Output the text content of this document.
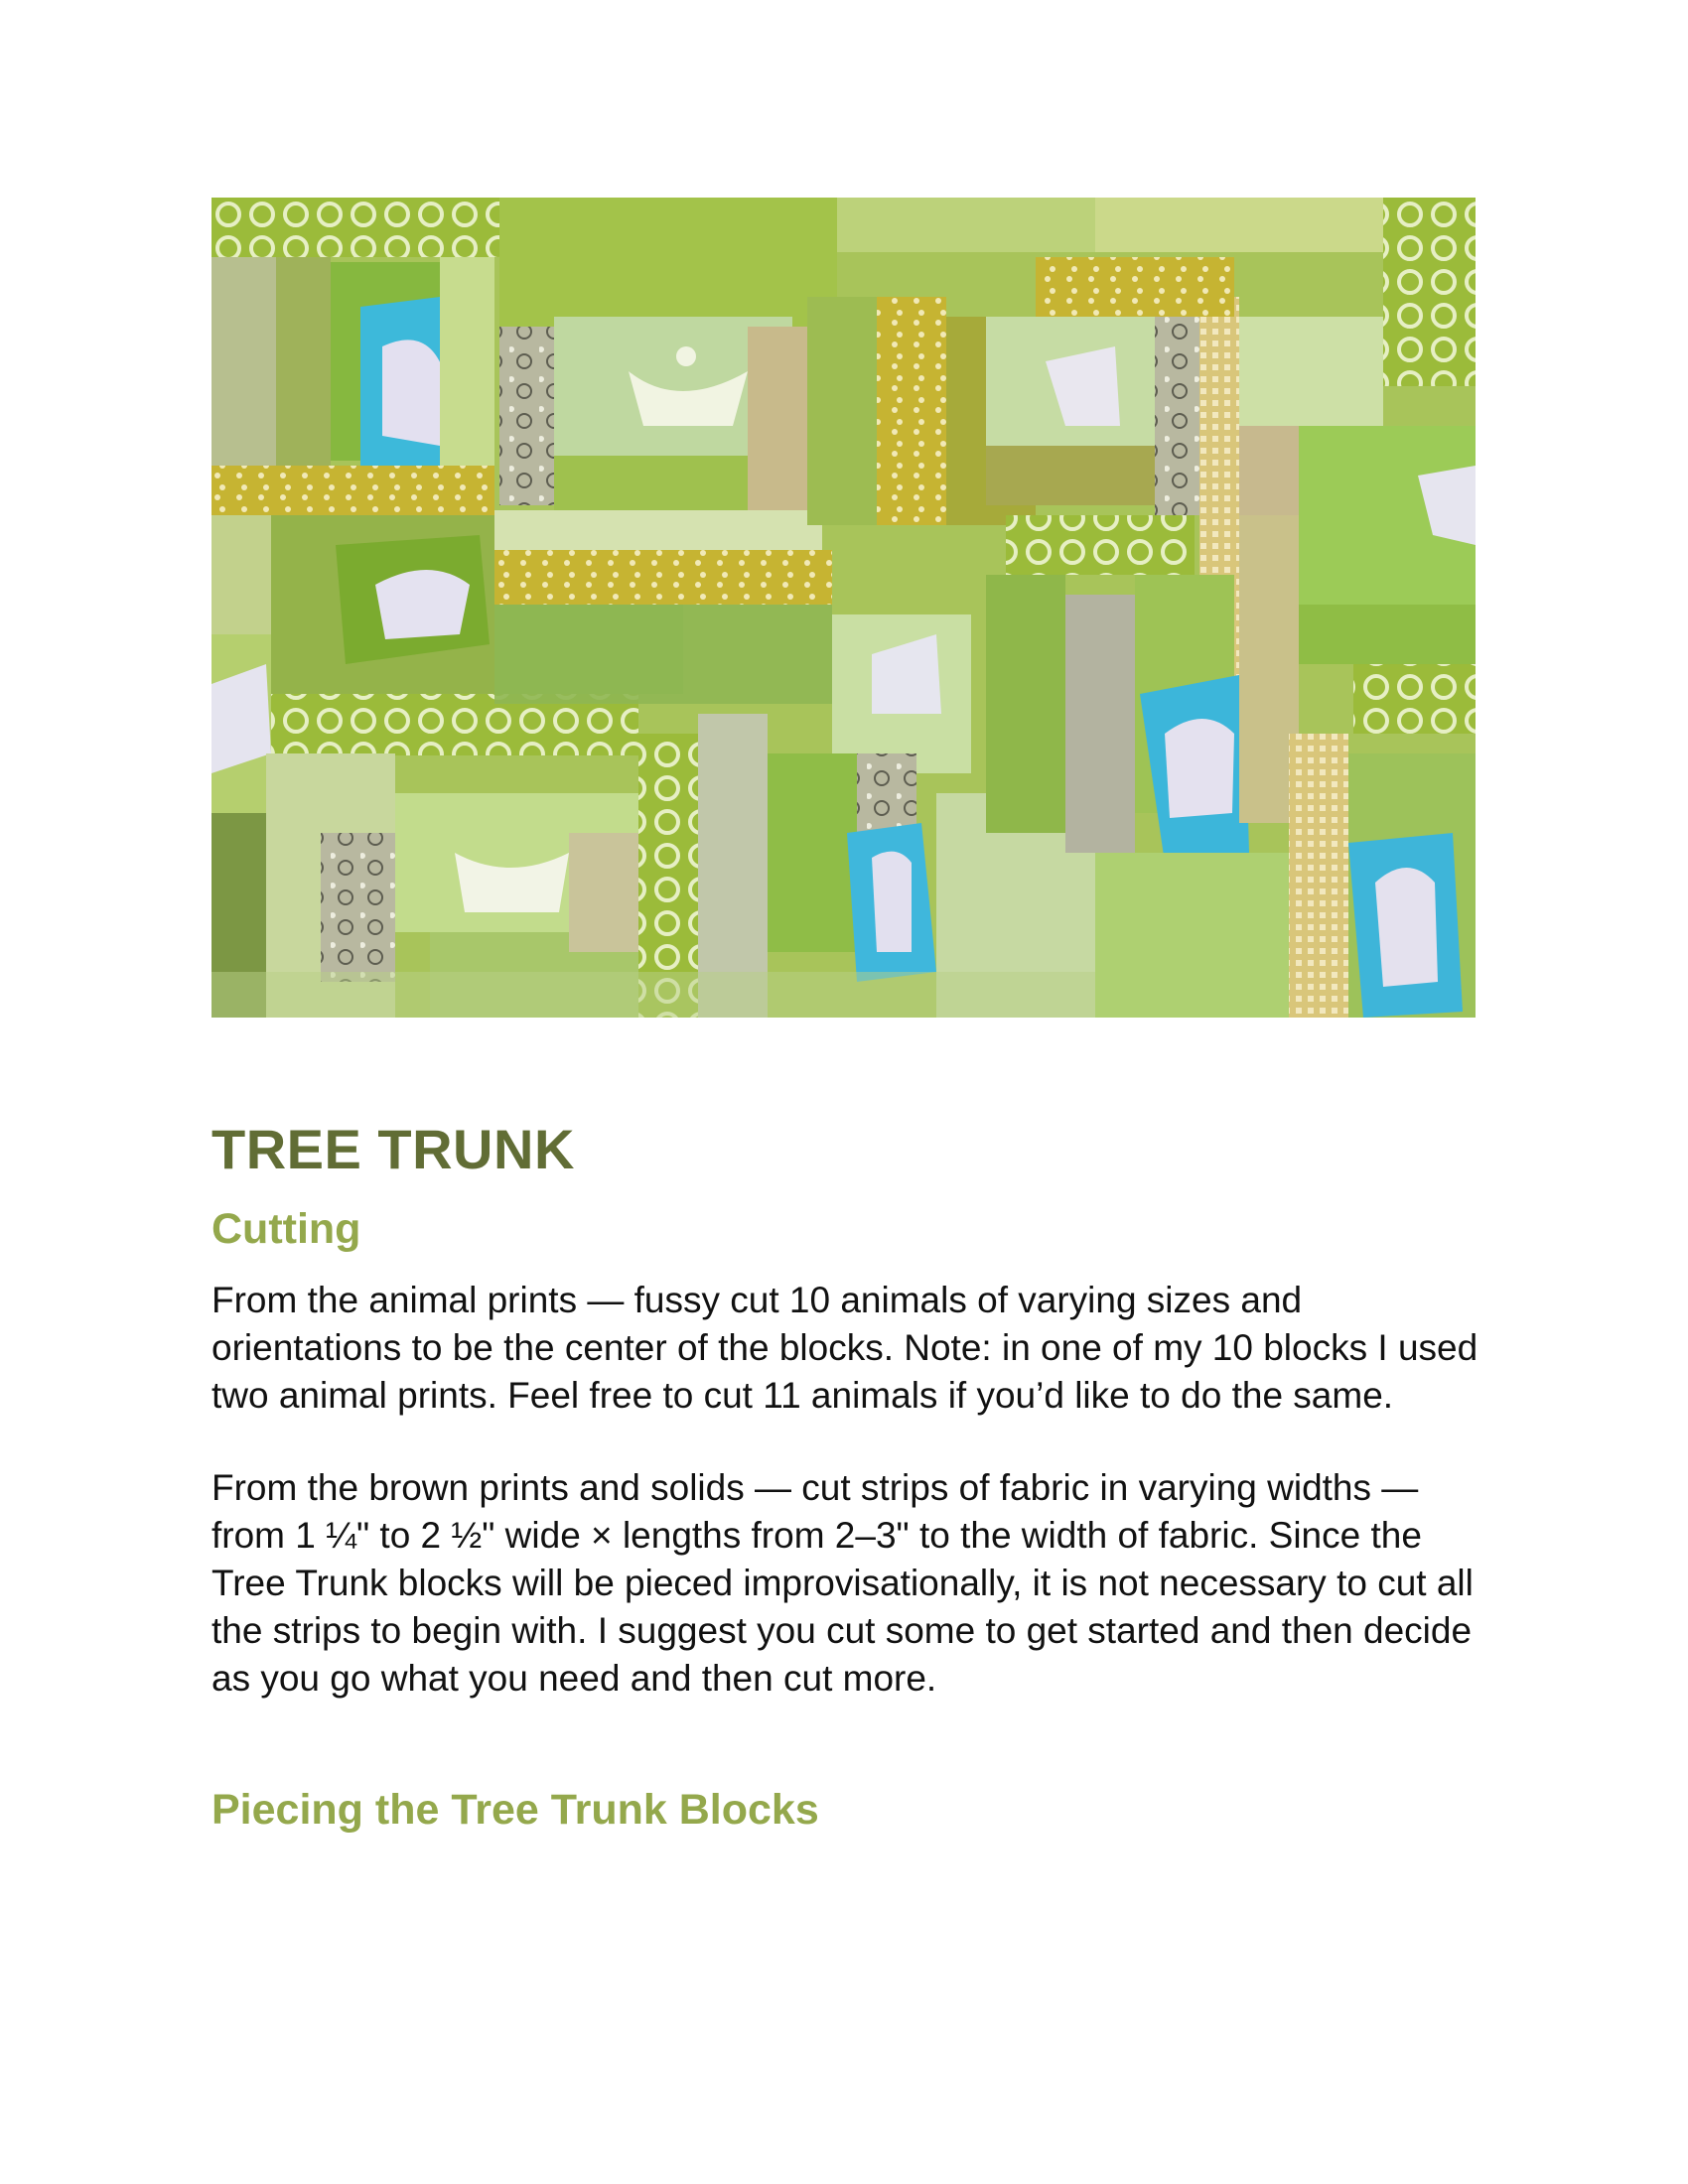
TREE TRUNK
Cutting

From the animal prints — fussy cut 10 animals of varying sizes and orientations to be the center of the blocks. Note: in one of my 10 blocks I used two animal prints. Feel free to cut 11 animals if you’d like to do the same.

From the brown prints and solids — cut strips of fabric in varying widths — from 1 ¼" to 2 ½" wide × lengths from 2–3" to the width of fabric. Since the Tree Trunk blocks will be pieced improvisationally, it is not necessary to cut all the strips to begin with. I suggest you cut some to get started and then decide as you go what you need and then cut more.

Piecing the Tree Trunk Blocks
